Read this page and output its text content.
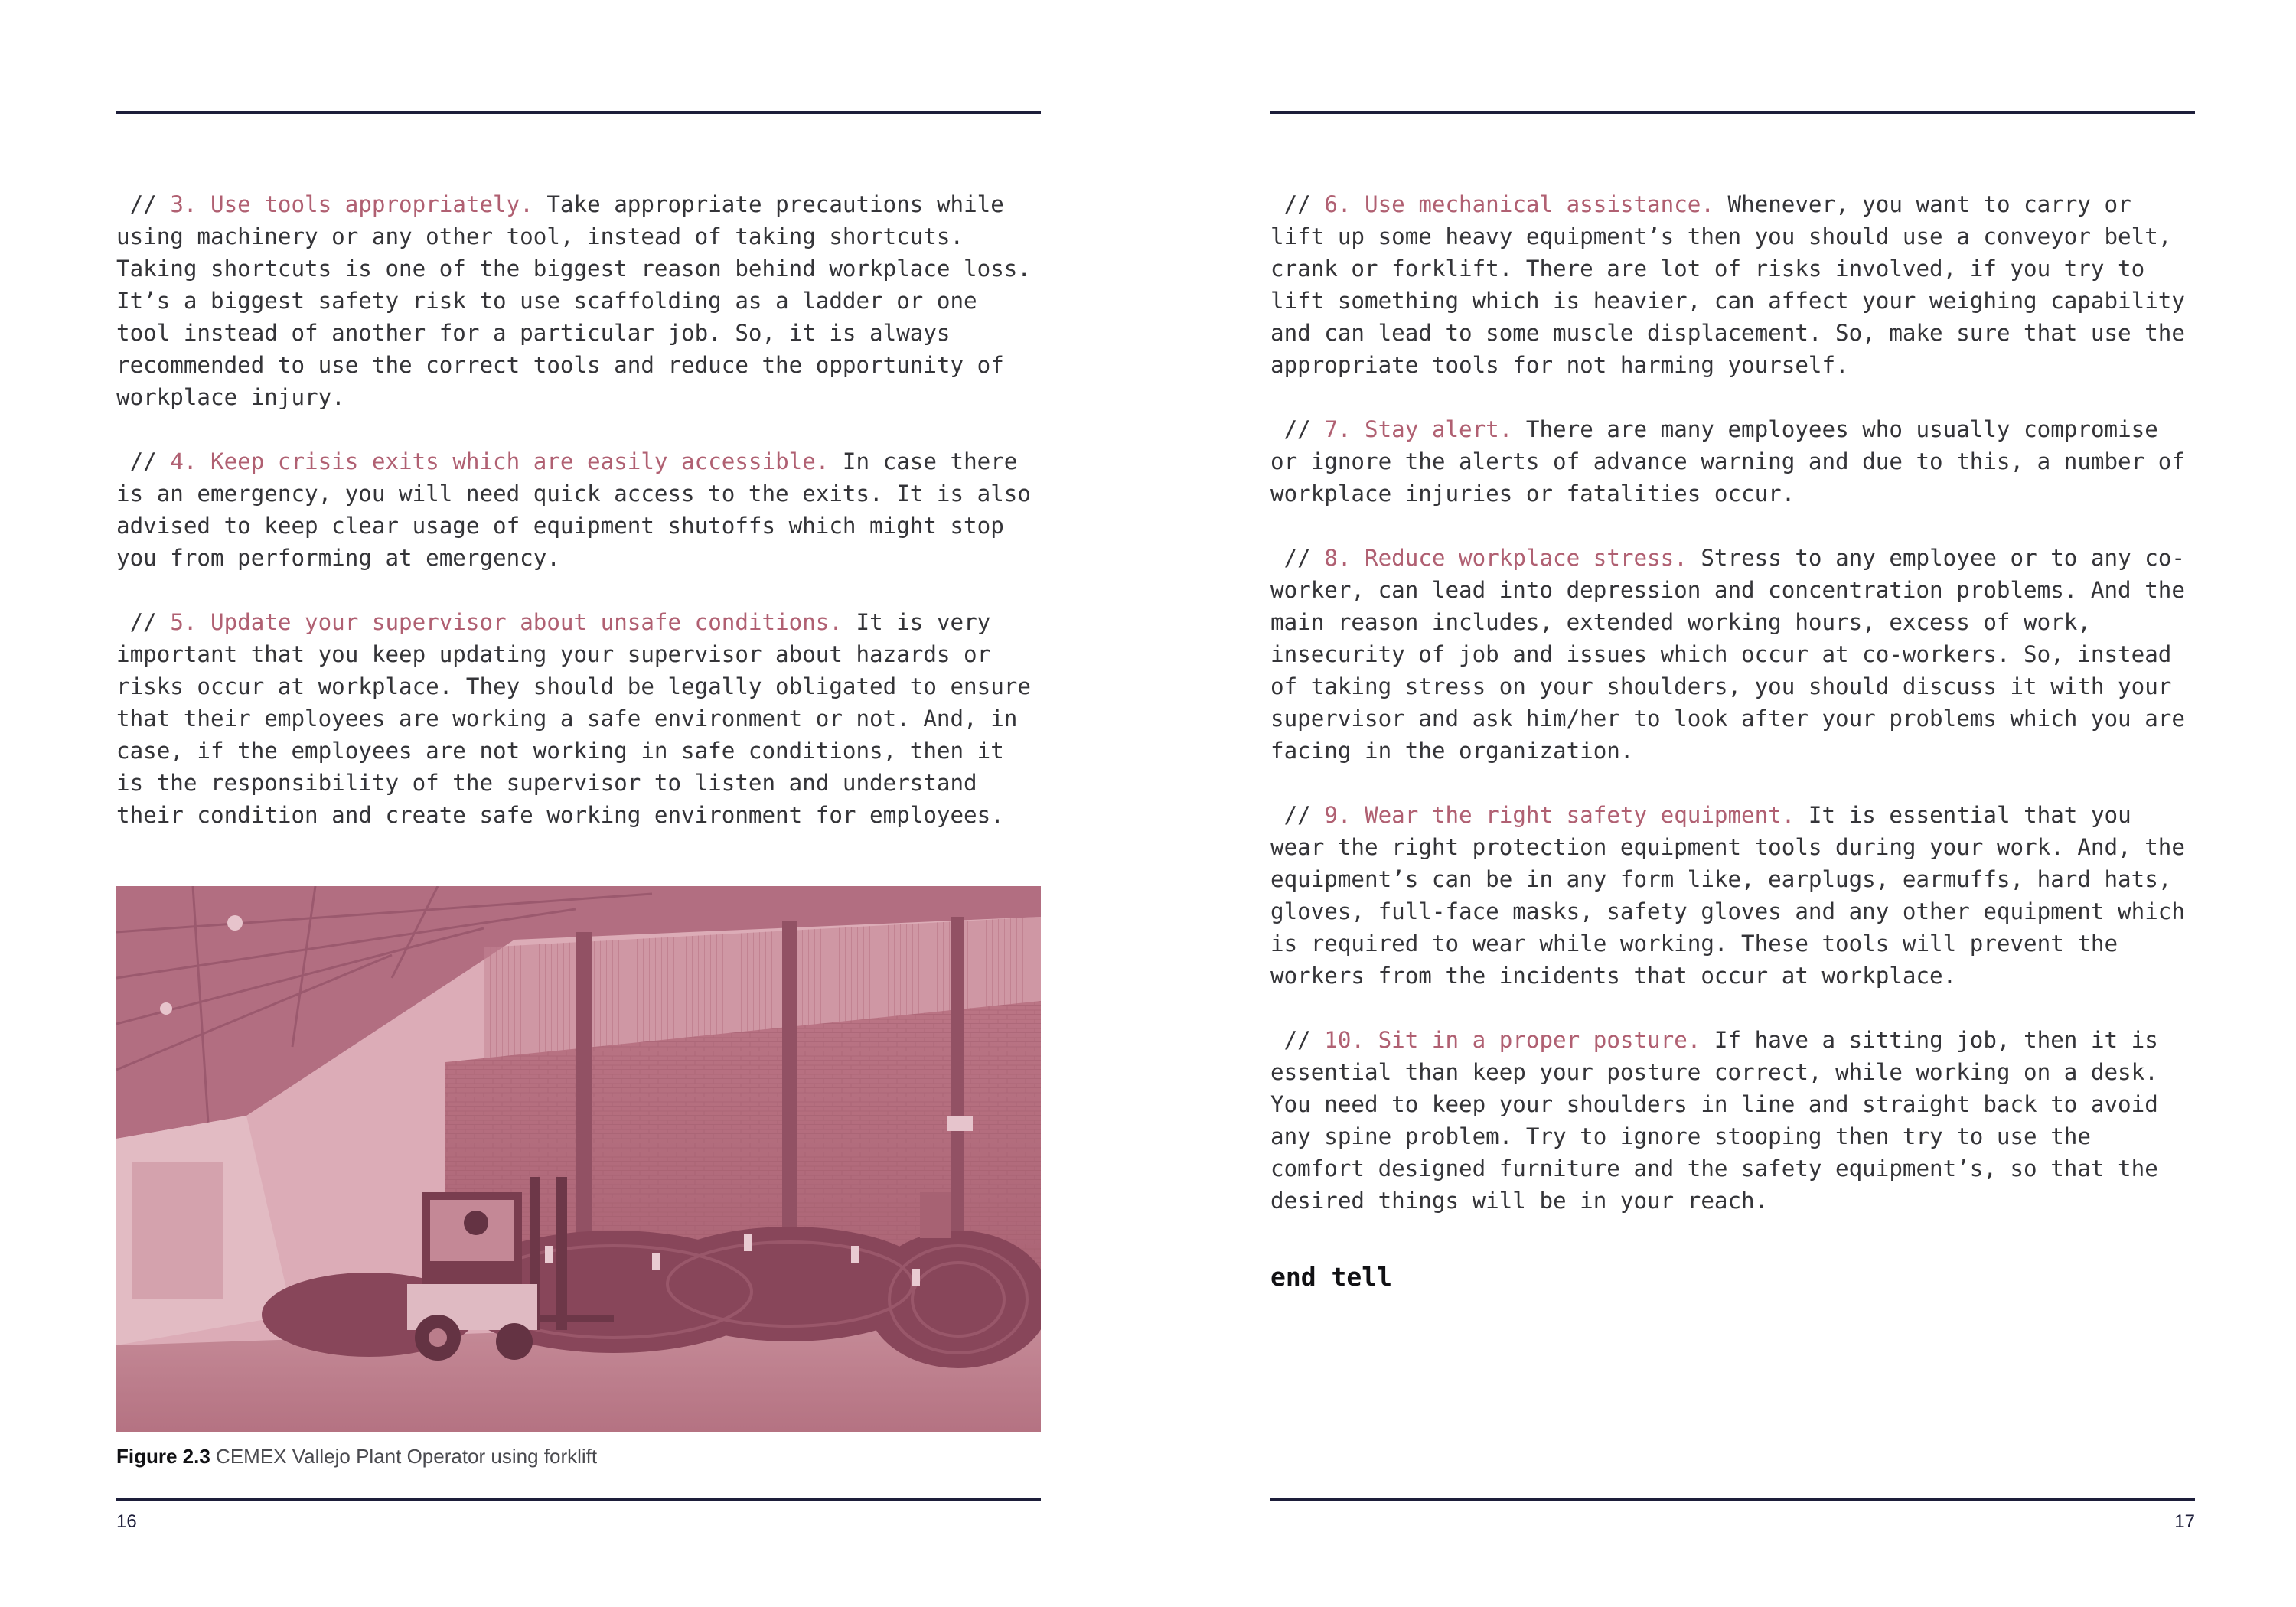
// 3. Use tools appropriately. Take appropriate precautions while using machinery or any other tool, instead of taking shortcuts. Taking shortcuts is one of the biggest reason behind workplace loss. It’s a biggest safety risk to use scaffolding as a ladder or one tool instead of another for a particular job. So, it is always recommended to use the correct tools and reduce the opportunity of workplace injury.

// 4. Keep crisis exits which are easily accessible. In case there is an emergency, you will need quick access to the exits. It is also advised to keep clear usage of equipment shutoffs which might stop you from performing at emergency.

// 5. Update your supervisor about unsafe conditions. It is very important that you keep updating your supervisor about hazards or risks occur at workplace. They should be legally obligated to ensure that their employees are working a safe environment or not. And, in case, if the employees are not working in safe conditions, then it is the responsibility of the supervisor to listen and understand their condition and create safe working environment for employees.

Figure 2.3 CEMEX Vallejo Plant Operator using forklift
16

// 6. Use mechanical assistance. Whenever, you want to carry or lift up some heavy equipment’s then you should use a conveyor belt, crank or forklift. There are lot of risks involved, if you try to lift something which is heavier, can affect your weighing capability and can lead to some muscle displacement. So, make sure that use the appropriate tools for not harming yourself.

// 7. Stay alert. There are many employees who usually compromise or ignore the alerts of advance warning and due to this, a number of workplace injuries or fatalities occur.

// 8. Reduce workplace stress. Stress to any employee or to any co-worker, can lead into depression and concentration problems. And the main reason includes, extended working hours, excess of work, insecurity of job and issues which occur at co-workers. So, instead of taking stress on your shoulders, you should discuss it with your supervisor and ask him/her to look after your problems which you are facing in the organization.

// 9. Wear the right safety equipment. It is essential that you wear the right protection equipment tools during your work. And, the equipment’s can be in any form like, earplugs, earmuffs, hard hats, gloves, full-face masks, safety gloves and any other equipment which is required to wear while working. These tools will prevent the workers from the incidents that occur at workplace.

// 10. Sit in a proper posture. If have a sitting job, then it is essential than keep your posture correct, while working on a desk. You need to keep your shoulders in line and straight back to avoid any spine problem. Try to ignore stooping then try to use the comfort designed furniture and the safety equipment’s, so that the desired things will be in your reach.

end tell
17
